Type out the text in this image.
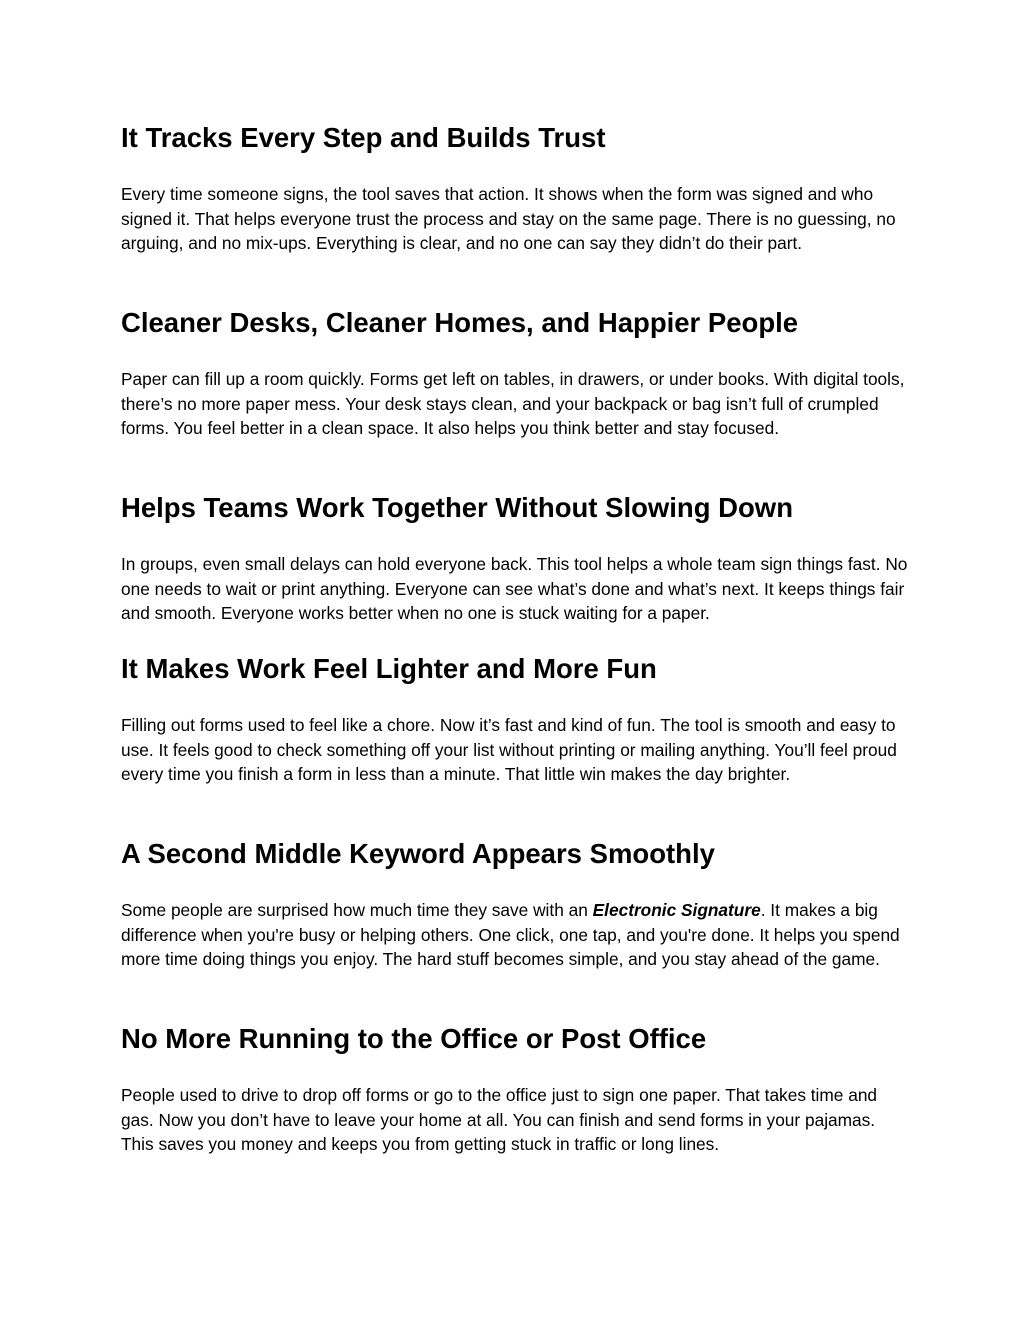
It Tracks Every Step and Builds Trust

Every time someone signs, the tool saves that action. It shows when the form was signed and who signed it. That helps everyone trust the process and stay on the same page. There is no guessing, no arguing, and no mix-ups. Everything is clear, and no one can say they didn’t do their part.

Cleaner Desks, Cleaner Homes, and Happier People

Paper can fill up a room quickly. Forms get left on tables, in drawers, or under books. With digital tools, there’s no more paper mess. Your desk stays clean, and your backpack or bag isn’t full of crumpled forms. You feel better in a clean space. It also helps you think better and stay focused.

Helps Teams Work Together Without Slowing Down

In groups, even small delays can hold everyone back. This tool helps a whole team sign things fast. No one needs to wait or print anything. Everyone can see what’s done and what’s next. It keeps things fair and smooth. Everyone works better when no one is stuck waiting for a paper.

It Makes Work Feel Lighter and More Fun

Filling out forms used to feel like a chore. Now it’s fast and kind of fun. The tool is smooth and easy to use. It feels good to check something off your list without printing or mailing anything. You’ll feel proud every time you finish a form in less than a minute. That little win makes the day brighter.

A Second Middle Keyword Appears Smoothly

Some people are surprised how much time they save with an Electronic Signature. It makes a big difference when you're busy or helping others. One click, one tap, and you're done. It helps you spend more time doing things you enjoy. The hard stuff becomes simple, and you stay ahead of the game.

No More Running to the Office or Post Office

People used to drive to drop off forms or go to the office just to sign one paper. That takes time and gas. Now you don’t have to leave your home at all. You can finish and send forms in your pajamas. This saves you money and keeps you from getting stuck in traffic or long lines.
